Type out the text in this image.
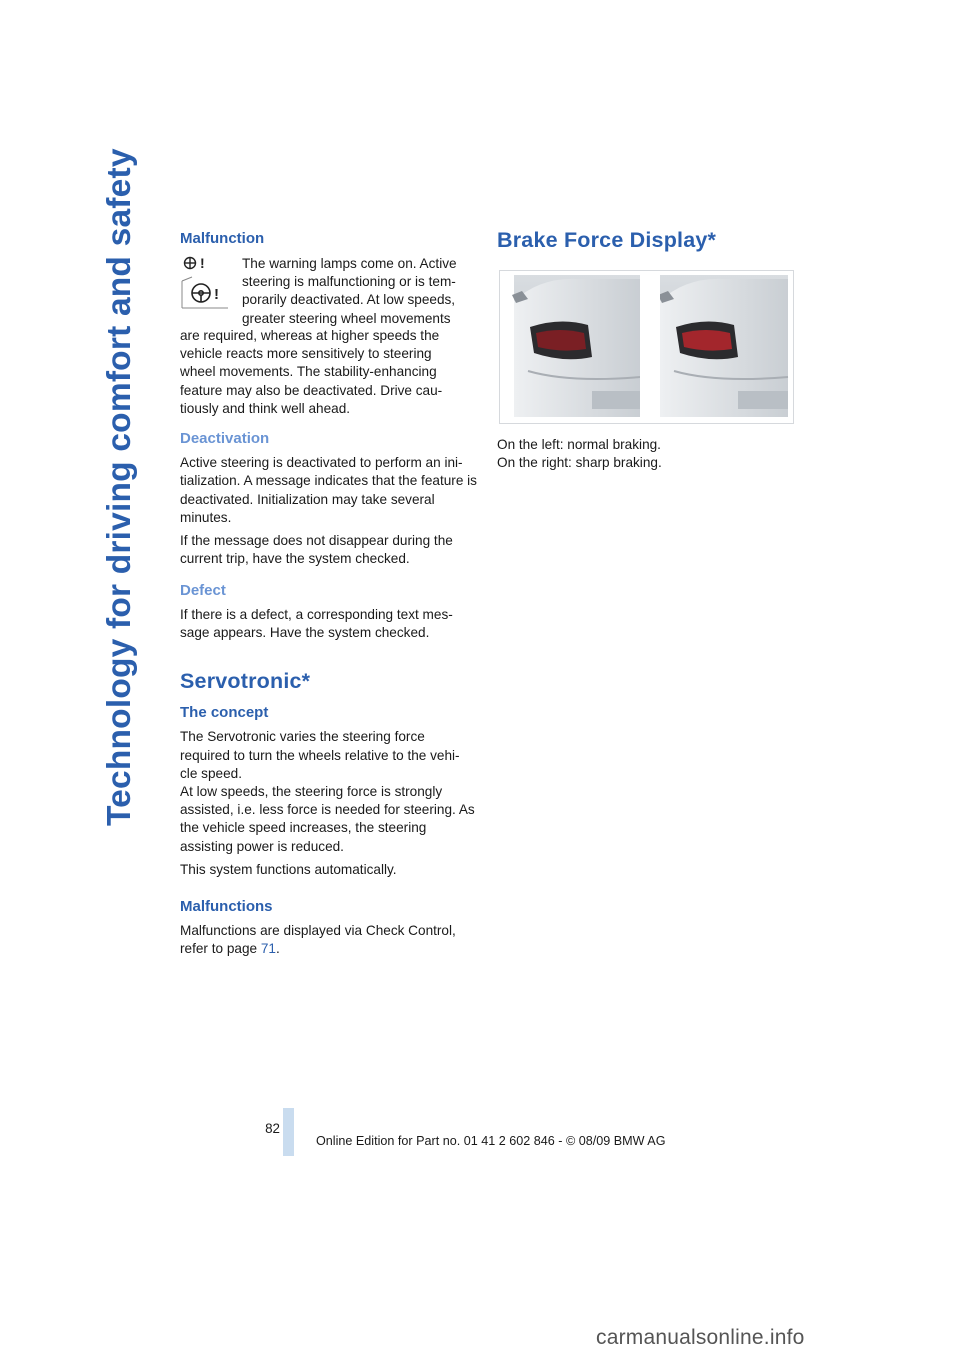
Technology for driving comfort and safety	Malfunction
!
!
The warning lamps come on. Active
steering is malfunctioning or is tem-
porarily deactivated. At low speeds,
greater steering wheel movements
are required, whereas at higher speeds the
vehicle reacts more sensitively to steering
wheel movements. The stability-enhancing
feature may also be deactivated. Drive cau-
tiously and think well ahead.
Deactivation

Active steering is deactivated to perform an ini- tialization. A message indicates that the feature is deactivated. Initialization may take several minutes.

If the message does not disappear during the current trip, have the system checked.

Defect

If there is a defect, a corresponding text mes- sage appears. Have the system checked.

Servotronic*
The concept

The Servotronic varies the steering force required to turn the wheels relative to the vehi- cle speed.

At low speeds, the steering force is strongly assisted, i.e. less force is needed for steering. As the vehicle speed increases, the steering assisting power is reduced.

This system functions automatically.

Malfunctions

Malfunctions are displayed via Check Control, refer to page 71.

Brake Force Display*
On the left: normal braking.
On the right: sharp braking.
82
Online Edition for Part no. 01 41 2 602 846 - © 08/09 BMW AG
carmanualsonline.info
